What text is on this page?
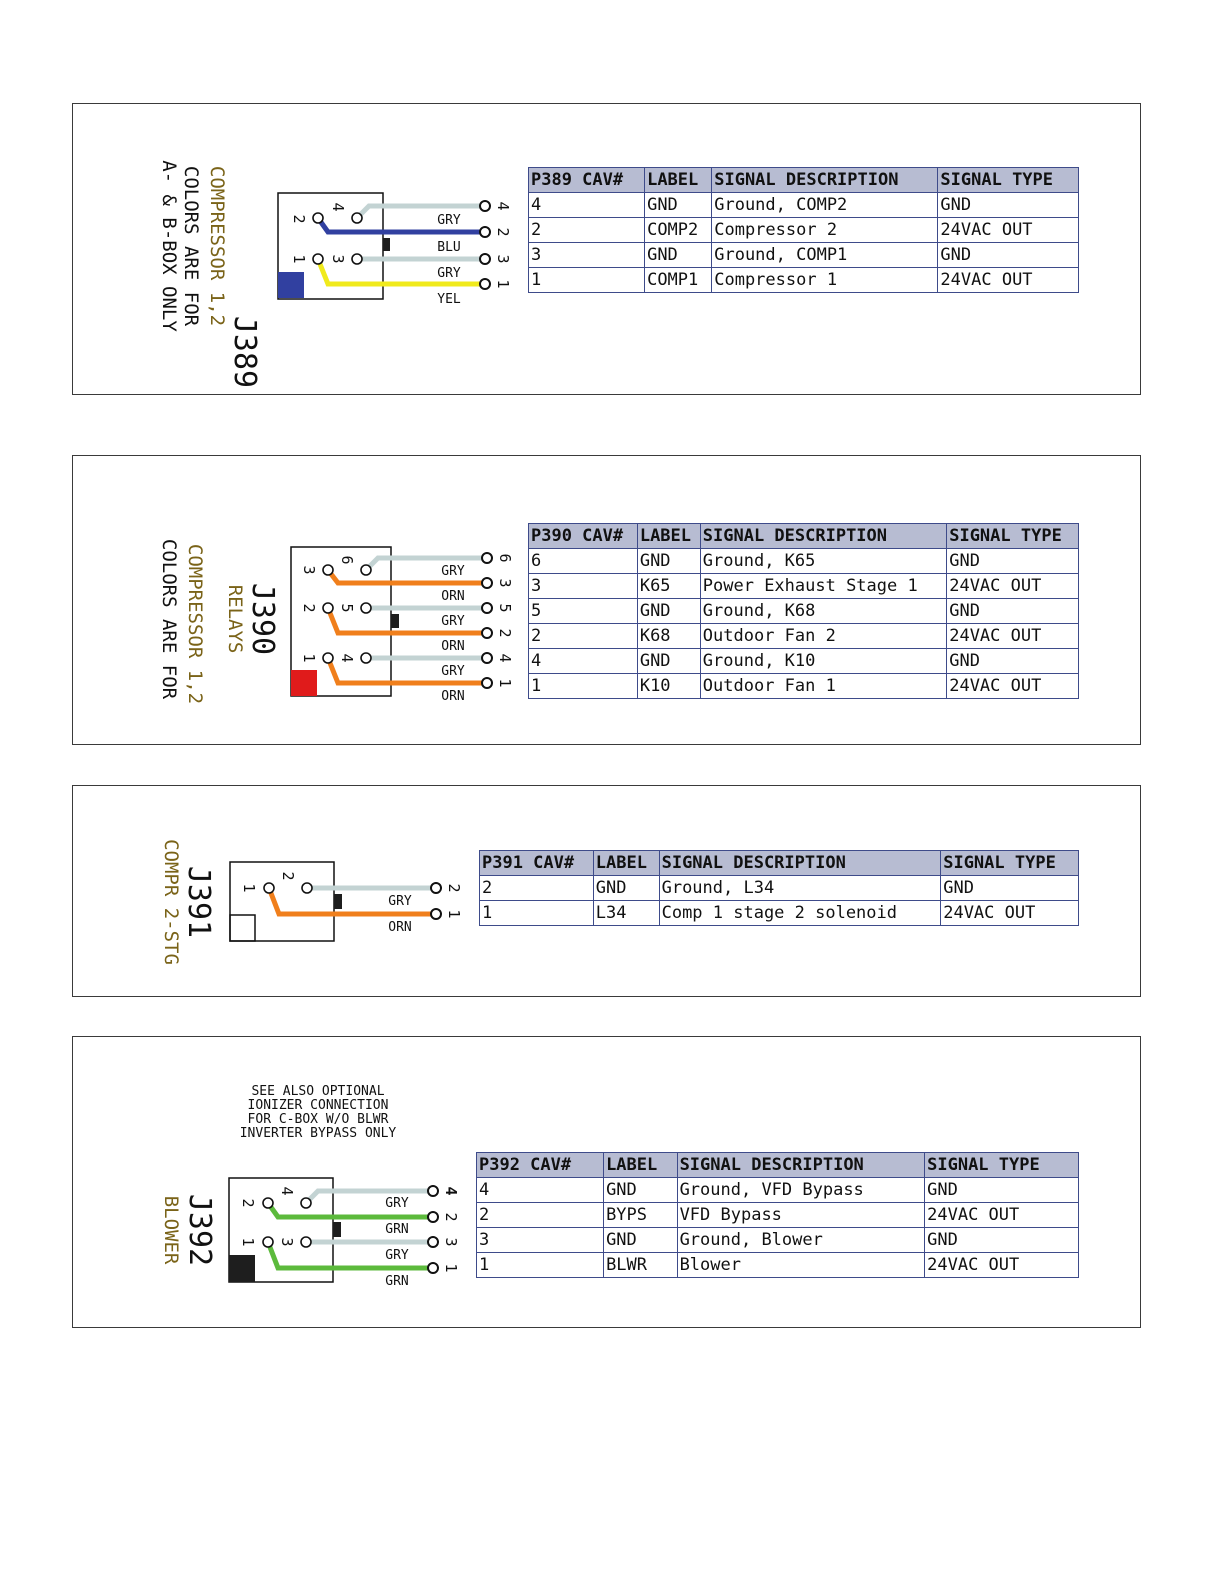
J389
COMPRESSOR 1,2
COLORS ARE FOR
A- & B-BOX ONLY	4
2
3
1
GRY
BLU
GRY
YEL
4
2
3
1
P389 CAV#	LABEL	SIGNAL DESCRIPTION	SIGNAL TYPE
4	GND	Ground, COMP2	GND
2	COMP2	Compressor 2	24VAC OUT
3	GND	Ground, COMP1	GND
1	COMP1	Compressor 1	24VAC OUT
J390
RELAYS
COMPRESSOR 1,2
COLORS ARE FOR	6
3
5
2
4
1
GRY
ORN
GRY
ORN
GRY
ORN
6
3
5
2
4
1
P390 CAV#	LABEL	SIGNAL DESCRIPTION	SIGNAL TYPE
6	GND	Ground, K65	GND
3	K65	Power Exhaust Stage 1	24VAC OUT
5	GND	Ground, K68	GND
2	K68	Outdoor Fan 2	24VAC OUT
4	GND	Ground, K10	GND
1	K10	Outdoor Fan 1	24VAC OUT
J391
COMPR 2-STG	2
1
GRY
ORN
2
1
P391 CAV#	LABEL	SIGNAL DESCRIPTION	SIGNAL TYPE
2	GND	Ground, L34	GND
1	L34	Comp 1 stage 2 solenoid	24VAC OUT
SEE ALSO OPTIONAL
IONIZER CONNECTION
FOR C-BOX W/O BLWR
INVERTER BYPASS ONLY
J392
BLOWER
4
2
3
1
GRY
GRN
GRY
GRN
4
2
3
1
P392 CAV#	LABEL	SIGNAL DESCRIPTION	SIGNAL TYPE
4	GND	Ground, VFD Bypass	GND
2	BYPS	VFD Bypass	24VAC OUT
3	GND	Ground, Blower	GND
1	BLWR	Blower	24VAC OUT
